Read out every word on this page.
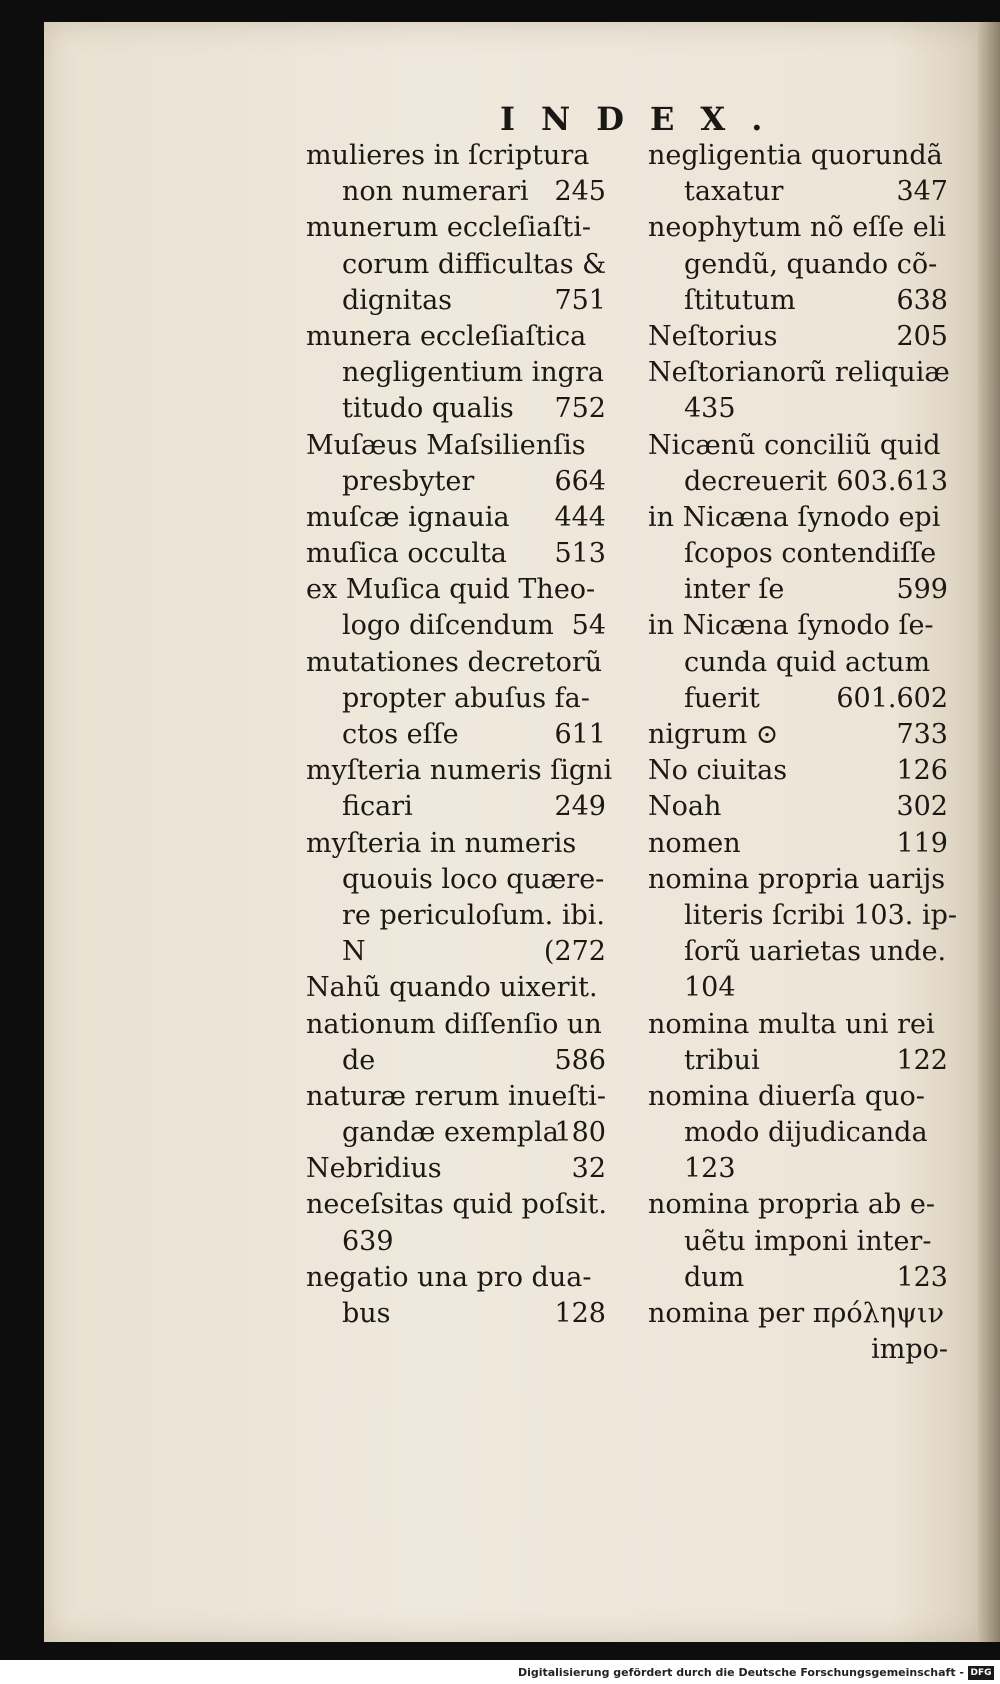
INDEX.
mulieres in ſcriptura
non numerari 245
munerum eccleſiaſti-
corum difficultas &
dignitas	751
munera eccleſiaſtica
negligentium ingra
titudo qualis 752
Muſæus Maſsilienſis
presbyter	664
muſcæ ignauia 444
muſica occulta 513
ex Muſica quid Theo-
logo diſcendum 54
mutationes decretorũ
propter abuſus fa-
ctos eſſe	611
myſteria numeris ſigni
ficari	249
myſteria in numeris
quouis loco quære-
re periculoſum. ibi.
N	(272
Nahũ quando uixerit.
nationum diſſenſio un
de	586
naturæ rerum inueſti-
gandæ exempla
180
Nebridius	32
neceſsitas quid poſsit.
639
negatio una pro dua-
bus	128
negligentia quorundã
taxatur	347
neophytum nõ eſſe eli
gendũ, quando cõ-
ſtitutum	638
Neſtorius	205
Neſtorianorũ reliquiæ
435
Nicænũ conciliũ quid
decreuerit 603.613
in Nicæna ſynodo epi
ſcopos contendiſſe
inter ſe	599
in Nicæna ſynodo ſe-
cunda quid actum
fuerit	601.602
nigrum ⊙	733
No ciuitas	126
Noah	302
nomen	119
nomina propria uarijs
literis ſcribi 103. ip-
ſorũ uarietas unde.
104
nomina multa uni rei
tribui	122
nomina diuerſa quo-
modo dijudicanda
123
nomina propria ab e-
uẽtu imponi inter-
dum	123
nomina per πρόληψιν
impo-
Digitalisierung gefördert durch die Deutsche Forschungsgemeinschaft - DFG
